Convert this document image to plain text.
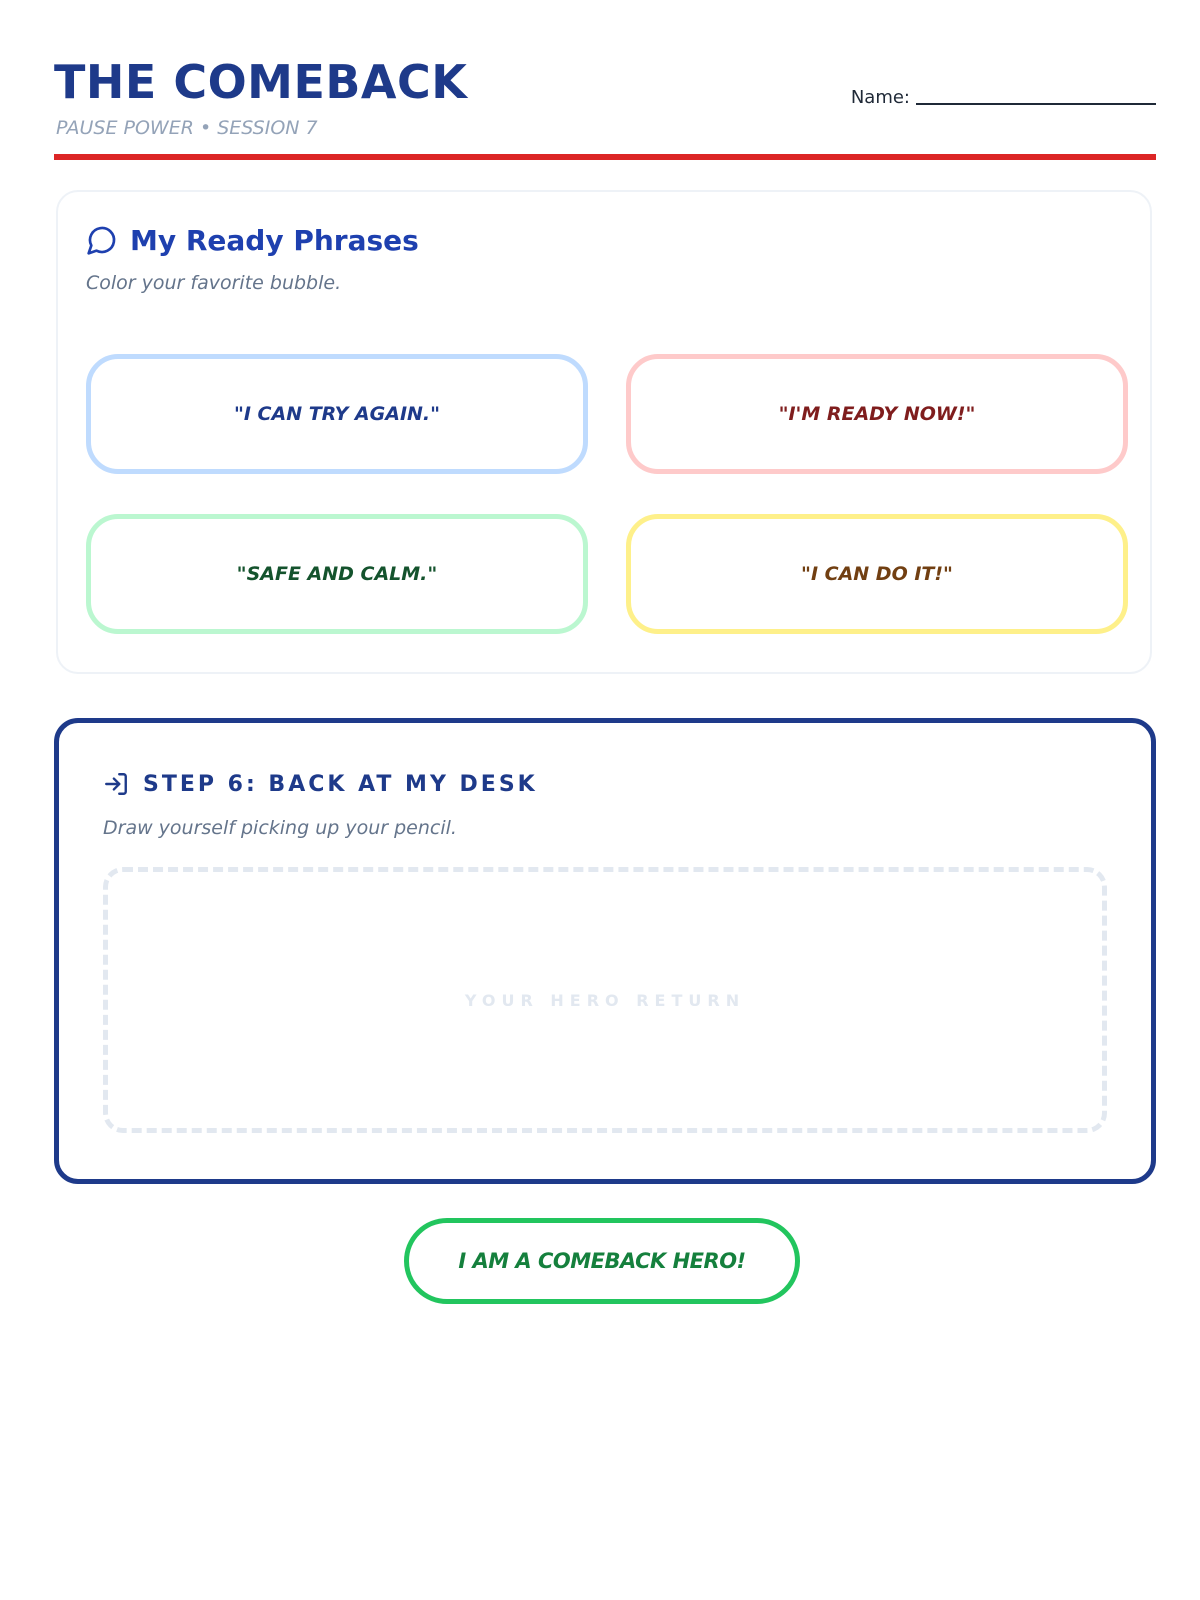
THE COMEBACK
PAUSE POWER • SESSION 7
Name:
My Ready Phrases
Color your favorite bubble.
"I CAN TRY AGAIN."	"I'M READY NOW!"
"SAFE AND CALM."	"I CAN DO IT!"
STEP 6: BACK AT MY DESK
Draw yourself picking up your pencil.
YOUR HERO RETURN
I AM A COMEBACK HERO!
